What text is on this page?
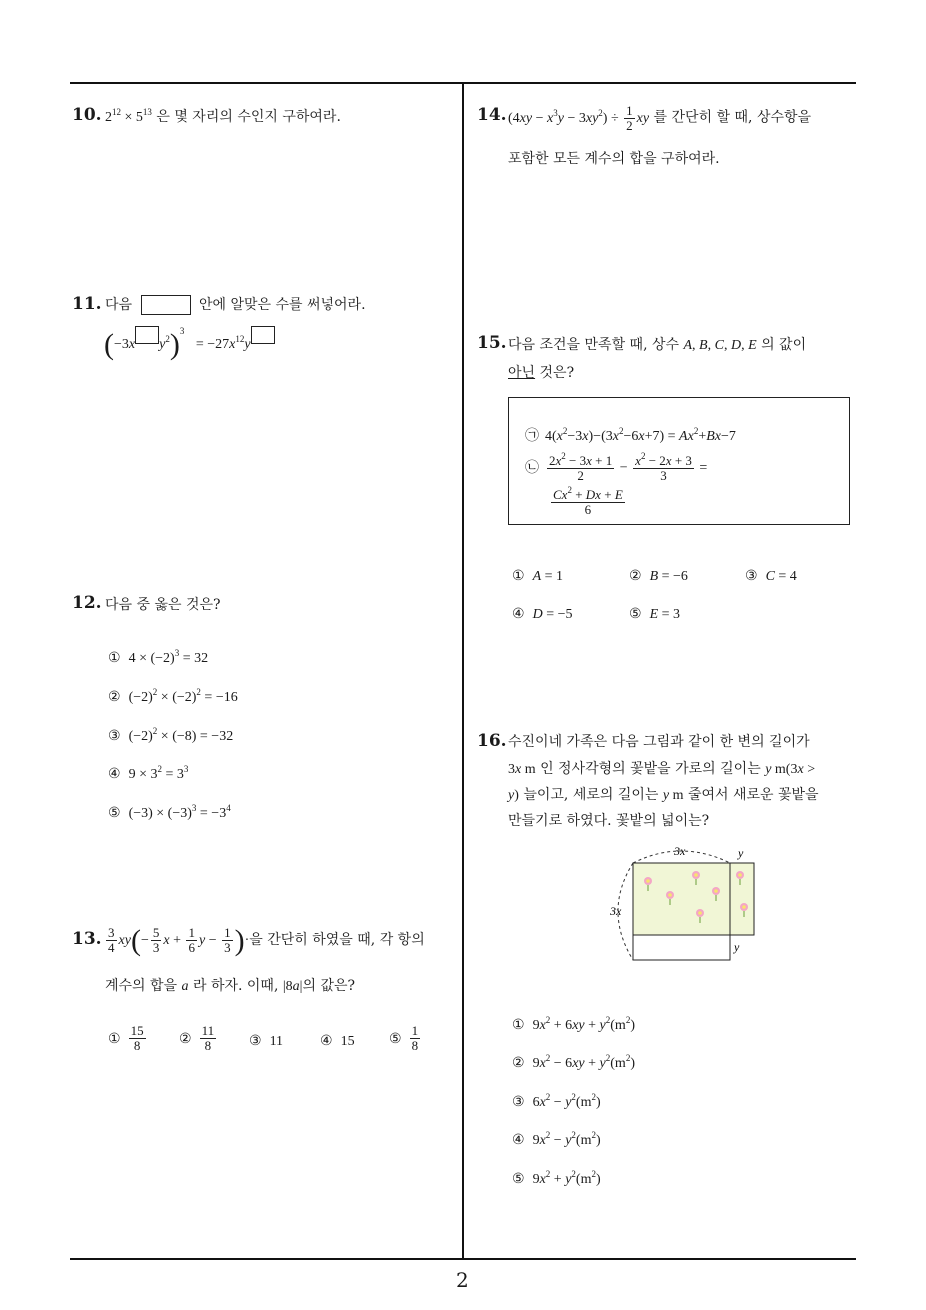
2
10. $2^{12} \times 5^{13}$ 은 몇 자리의 수인지 구하여라.
11. 다음	안에 알맞은 수를 써넣어라.
(−3x $y^2)^3 = -27x^{12}y$
12. 다음 중 옳은 것은?
① $4 \times (-2)^3 = 32$
② $(-2)^2 \times (-2)^2 = -16$
③ $(-2)^2 \times (-8) = -32$
④ $9 \times 3^2 = 3^3$
⑤ $(-3) \times (-3)^3 = -3^4$
13. $\frac{3}{4} xy(- \frac{5}{3}$ $x + \frac{1}{6}$ $y - \frac{1}{3}$ )·을 간단히 하였을 때, 각 항의
계수의 합을 a 라 하자. 이때, |8a|의 값은?
① $\frac{15}{8}$ ② $\frac{11}{8}$ ③ 11	④ 15 ⑤ $\frac{1}{8}$
14. $(4xy - x^3y - 3xy^2) \div \frac{1}{2}$ xy 를 간단히 할 때, 상수항을
포함한 모든 계수의 합을 구하여라.
15. 다음 조건을 만족할 때, 상수 A, B, C, D, E 의 값이
아닌 것은?
㉠ $4(x^2-3x)-(3x^2-6x+7) = Ax^2+Bx-7$
㉡ $\frac{2x^2 - 3x + 1}{2} - \frac{x^2 - 2x + 3}{3}$ =
$\frac{Cx^2 + Dx + E}{6}$
① A = 1	② B = −6	③ C = 4
④ D = −5	⑤ E = 3
16. 수진이네 가족은 다음 그림과 같이 한 변의 길이가
3x m 인 정사각형의 꽃밭을 가로의 길이는 y m(3x >
y) 늘이고, 세로의 길이는 y m 줄여서 새로운 꽃밭을
만들기로 하였다. 꽃밭의 넓이는?
3x
3x
y
y
① $9x^2 + 6xy + y^2(m^2)$
② $9x^2 - 6xy + y^2(m^2)$
③ $6x^2 - y^2(m^2)$
④ $9x^2 - y^2(m^2)$
⑤ $9x^2 + y^2(m^2)$
